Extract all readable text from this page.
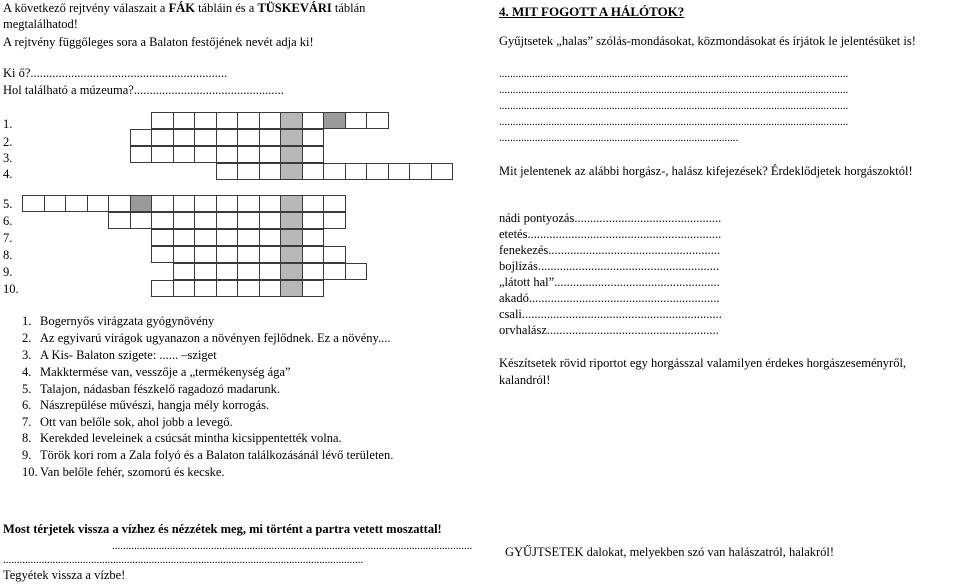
A következő rejtvény válaszait a FÁK tábláin és a TÜSKEVÁRI táblán
megtalálhatod!
A rejtvény függőleges sora a Balaton festőjének nevét adja ki!
Ki ő?...............................................................
Hol található a múzeuma?................................................
1.
2.
3.
4.
5.
6.
7.
8.
9.
10.
1. Bogernyős virágzata gyógynövény
2. Az egyivarú virágok ugyanazon a növényen fejlődnek. Ez a növény....
3. A Kis- Balaton szigete: ...... –sziget
4. Makktermése van, vesszője a „termékenység ága”
5. Talajon, nádasban fészkelő ragadozó madarunk.
6. Nászrepülése művészi, hangja mély korrogás.
7. Ott van belőle sok, ahol jobb a levegő.
8. Kerekded leveleinek a csúcsát mintha kicsippentették volna.
9. Török kori rom a Zala folyó és a Balaton találkozásánál lévő területen.
10. Van belőle fehér, szomorú és kecske.
4. MIT FOGOTT A HÁLÓTOK?
Gyűjtsetek „halas” szólás-mondásokat, közmondásokat és írjátok le jelentésüket is!
...............................................................................................................................
...............................................................................................................................
...............................................................................................................................
...............................................................................................................................
.......................................................................................
Mit jelentenek az alábbi horgász-, halász kifejezések? Érdeklődjetek horgászoktól!
nádi pontyozás...............................................
etetés..............................................................
fenekezés.......................................................
bojlizás..........................................................
„látott hal”.....................................................
akadó.............................................................
csali................................................................
orvhalász.......................................................
Készítsetek rövid riportot egy horgásszal valamilyen érdekes horgászeseményről, kalandról!
Most térjetek vissza a vízhez és nézzétek meg, mi történt a partra vetett moszattal!
...................................................................................................................................
...................................................................................................................................
Tegyétek vissza a vízbe!
GYŰJTSETEK dalokat, melyekben szó van halászatról, halakról!
